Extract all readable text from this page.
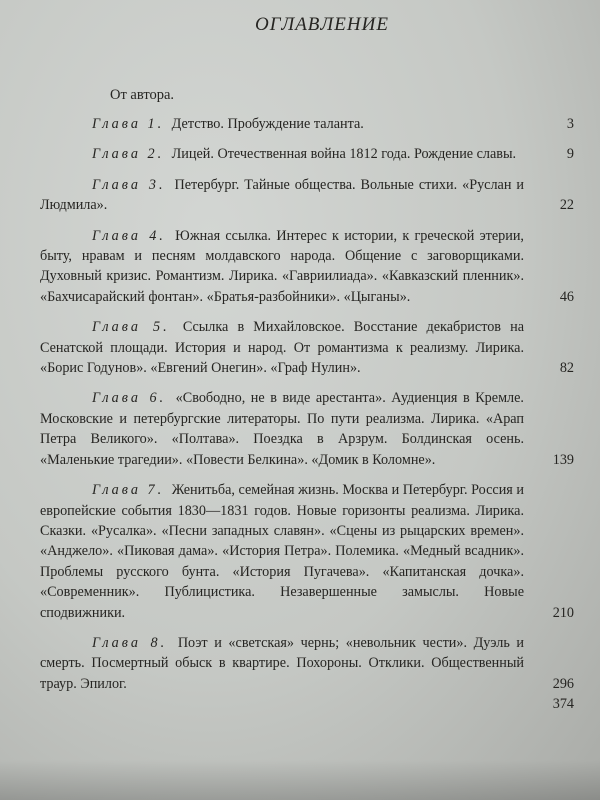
ОГЛАВЛЕНИЕ
От автора.
Глава 1. Детство. Пробуждение таланта.	3
Глава 2. Лицей. Отечественная война 1812 года. Рождение славы.	9
Глава 3. Петербург. Тайные общества. Вольные стихи. «Руслан и Людмила».	22
Глава 4. Южная ссылка. Интерес к истории, к греческой этерии, быту, нравам и песням молдавского народа. Общение с заговорщиками. Духовный кризис. Романтизм. Лирика. «Гавриилиада». «Кавказский пленник». «Бахчисарайский фонтан». «Братья-разбойники». «Цыганы».	46
Глава 5. Ссылка в Михайловское. Восстание декабристов на Сенатской площади. История и народ. От романтизма к реализму. Лирика. «Борис Годунов». «Евгений Онегин». «Граф Нулин».	82
Глава 6. «Свободно, не в виде арестанта». Аудиенция в Кремле. Московские и петербургские литераторы. По пути реализма. Лирика. «Арап Петра Великого». «Полтава». Поездка в Арзрум. Болдинская осень. «Маленькие трагедии». «Повести Белкина». «Домик в Коломне».	139
Глава 7. Женитьба, семейная жизнь. Москва и Петербург. Россия и европейские события 1830—1831 годов. Новые горизонты реализма. Лирика. Сказки. «Русалка». «Песни западных славян». «Сцены из рыцарских времен». «Анджело». «Пиковая дама». «История Петра». Полемика. «Медный всадник». Проблемы русского бунта. «История Пугачева». «Капитанская дочка». «Современник». Публицистика. Незавершенные замыслы. Новые сподвижники.	210
Глава 8. Поэт и «светская» чернь; «невольник чести». Дуэль и смерть. Посмертный обыск в квартире. Похороны. Отклики. Общественный траур. Эпилог.	296
374
